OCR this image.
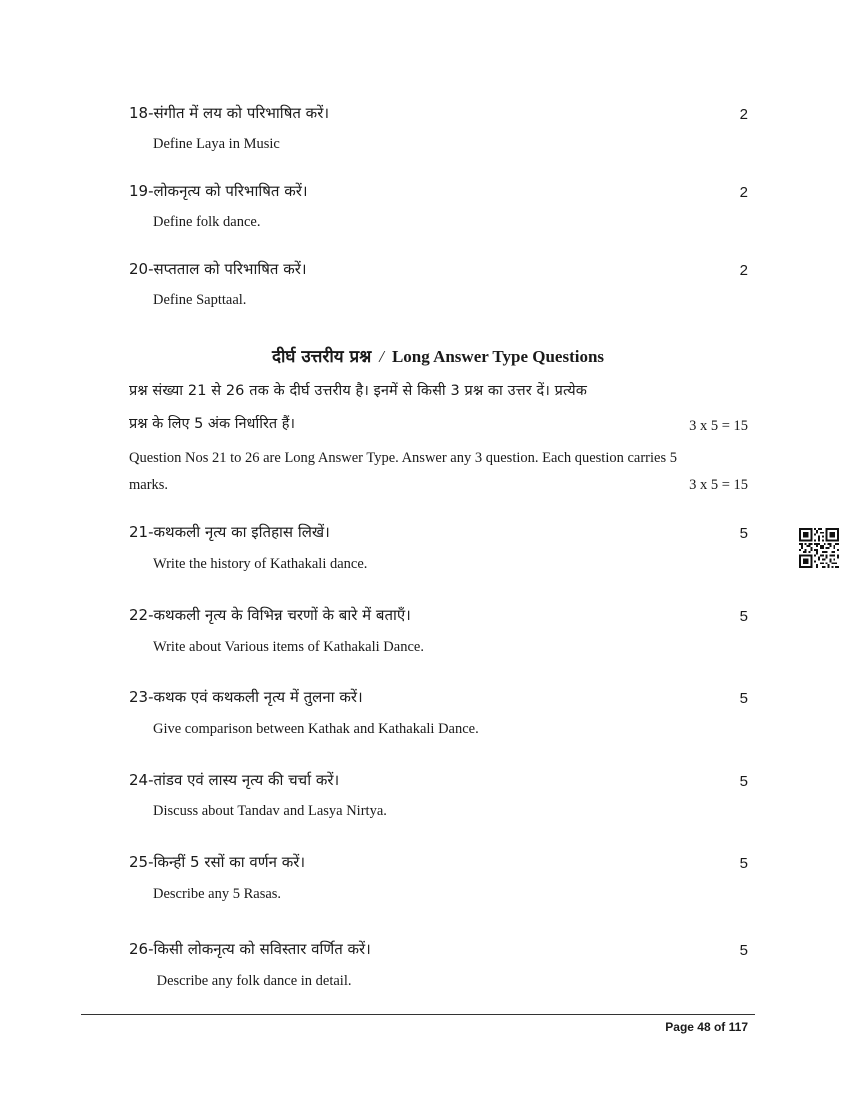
18-संगीत में लय को परिभाषित करें।	2
Define Laya in Music
19-लोकनृत्य को परिभाषित करें।	2
Define folk dance.
20-सप्तताल को परिभाषित करें।	2
Define Sapttaal.
दीर्घ उत्तरीय प्रश्न / Long Answer Type Questions
प्रश्न संख्या 21 से 26 तक के दीर्घ उत्तरीय है। इनमें से किसी 3 प्रश्न का उत्तर दें। प्रत्येक
प्रश्न के लिए 5 अंक निर्धारित हैं।	3 x 5 = 15
Question Nos 21 to 26 are Long Answer Type. Answer any 3 question. Each question carries 5
marks.	3 x 5 = 15
21-कथकली नृत्य का इतिहास लिखें।	5
Write the history of Kathakali dance.
22-कथकली नृत्य के विभिन्न चरणों के बारे में बताएँ।	5
Write about Various items of Kathakali Dance.
23-कथक एवं कथकली नृत्य में तुलना करें।	5
Give comparison between Kathak and Kathakali Dance.
24-तांडव एवं लास्य नृत्य की चर्चा करें।	5
Discuss about Tandav and Lasya Nirtya.
25-किन्हीं 5 रसों का वर्णन करें।	5
Describe any 5 Rasas.
26-किसी लोकनृत्य को सविस्तार वर्णित करें।	5
Describe any folk dance in detail.
Page 48 of 117
